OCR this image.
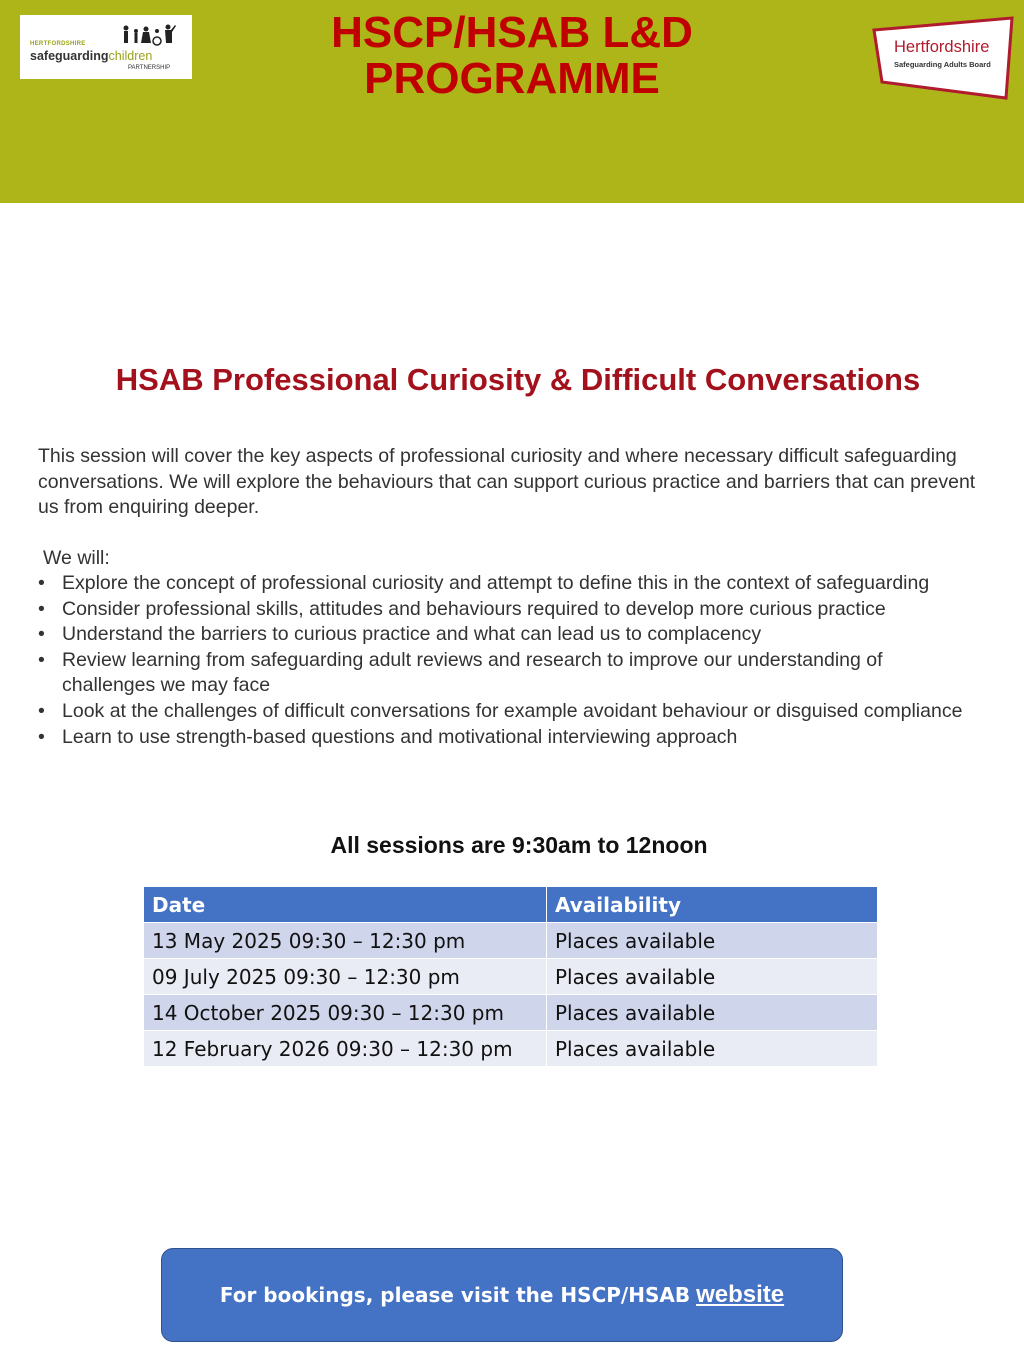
HERTFORDSHIRE
safeguardingchildren
PARTNERSHIP
HSCP/HSAB L&D
PROGRAMME
Hertfordshire
Safeguarding Adults Board
HSAB Professional Curiosity & Difficult Conversations

This session will cover the key aspects of professional curiosity and where necessary difficult safeguarding conversations. We will explore the behaviours that can support curious practice and barriers that can prevent us from enquiring deeper.

We will:
• Explore the concept of professional curiosity and attempt to define this in the context of safeguarding
• Consider professional skills, attitudes and behaviours required to develop more curious practice
• Understand the barriers to curious practice and what can lead us to complacency
• Review learning from safeguarding adult reviews and research to improve our understanding of challenges we may face
• Look at the challenges of difficult conversations for example avoidant behaviour or disguised compliance
• Learn to use strength-based questions and motivational interviewing approach
All sessions are 9:30am to 12noon
Date	Availability
13 May 2025 09:30 – 12:30 pm	Places available
09 July 2025 09:30 – 12:30 pm	Places available
14 October 2025 09:30 – 12:30 pm	Places available
12 February 2026 09:30 – 12:30 pm	Places available
For bookings, please visit the HSCP/HSAB website
